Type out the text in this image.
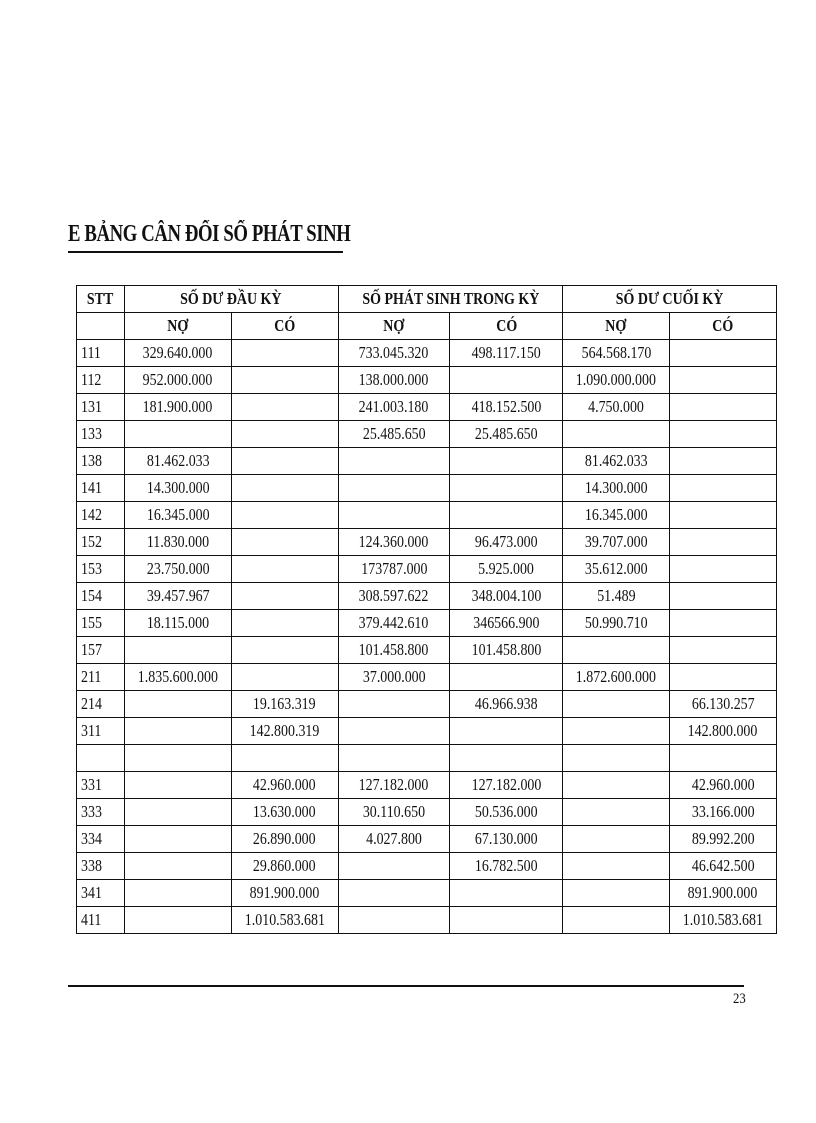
E BẢNG CÂN ĐỐI SỐ PHÁT SINH
STT	SỐ DƯ ĐẦU KỲ		SỐ PHÁT SINH TRONG KỲ		SỐ DƯ CUỐI KỲ	
	NỢ	CÓ	NỢ	CÓ	NỢ	CÓ
111	329.640.000		733.045.320	498.117.150	564.568.170	
112	952.000.000		138.000.000		1.090.000.000	
131	181.900.000		241.003.180	418.152.500	4.750.000	
133			25.485.650	25.485.650		
138	81.462.033				81.462.033	
141	14.300.000				14.300.000	
142	16.345.000				16.345.000	
152	11.830.000		124.360.000	96.473.000	39.707.000	
153	23.750.000		173787.000	5.925.000	35.612.000	
154	39.457.967		308.597.622	348.004.100	51.489	
155	18.115.000		379.442.610	346566.900	50.990.710	
157			101.458.800	101.458.800		
211	1.835.600.000		37.000.000		1.872.600.000	
214		19.163.319		46.966.938		66.130.257
311		142.800.319				142.800.000

331		42.960.000	127.182.000	127.182.000		42.960.000
333		13.630.000	30.110.650	50.536.000		33.166.000
334		26.890.000	4.027.800	67.130.000		89.992.200
338		29.860.000		16.782.500		46.642.500
341		891.900.000				891.900.000
411		1.010.583.681				1.010.583.681
23
